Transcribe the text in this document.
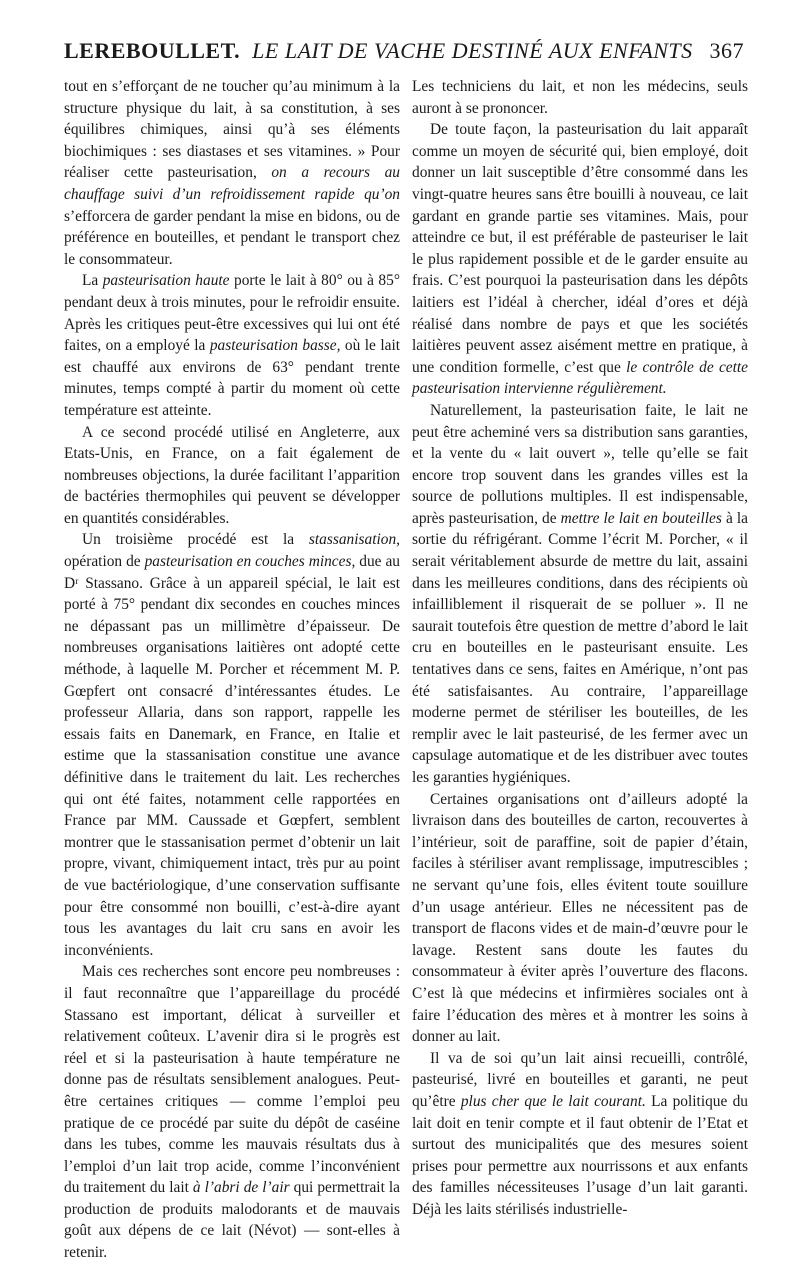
LEREBOULLET. LE LAIT DE VACHE DESTINÉ AUX ENFANTS 367

tout en s’efforçant de ne toucher qu’au minimum à la structure physique du lait, à sa constitution, à ses équilibres chimiques, ainsi qu’à ses éléments biochimiques : ses diastases et ses vitamines. » Pour réaliser cette pasteurisation, on a recours au chauffage suivi d’un refroidissement rapide qu’on s’efforcera de garder pendant la mise en bidons, ou de préférence en bouteilles, et pendant le transport chez le consommateur.

La pasteurisation haute porte le lait à 80° ou à 85° pendant deux à trois minutes, pour le refroidir ensuite. Après les critiques peut-être excessives qui lui ont été faites, on a employé la pasteurisation basse, où le lait est chauffé aux environs de 63° pendant trente minutes, temps compté à partir du moment où cette température est atteinte.

A ce second procédé utilisé en Angleterre, aux Etats-Unis, en France, on a fait également de nombreuses objections, la durée facilitant l’apparition de bactéries thermophiles qui peuvent se développer en quantités considérables.

Un troisième procédé est la stassanisation, opération de pasteurisation en couches minces, due au Dʳ Stassano. Grâce à un appareil spécial, le lait est porté à 75° pendant dix secondes en couches minces ne dépassant pas un millimètre d’épaisseur. De nombreuses organisations laitières ont adopté cette méthode, à laquelle M. Porcher et récemment M. P. Gœpfert ont consacré d’intéressantes études. Le professeur Allaria, dans son rapport, rappelle les essais faits en Danemark, en France, en Italie et estime que la stassanisation constitue une avance définitive dans le traitement du lait. Les recherches qui ont été faites, notamment celle rapportées en France par MM. Caussade et Gœpfert, semblent montrer que le stassanisation permet d’obtenir un lait propre, vivant, chimiquement intact, très pur au point de vue bactériologique, d’une conservation suffisante pour être consommé non bouilli, c’est-à-dire ayant tous les avantages du lait cru sans en avoir les inconvénients.

Mais ces recherches sont encore peu nombreuses : il faut reconnaître que l’appareillage du procédé Stassano est important, délicat à surveiller et relativement coûteux. L’avenir dira si le progrès est réel et si la pasteurisation à haute température ne donne pas de résultats sensiblement analogues. Peut-être certaines critiques — comme l’emploi peu pratique de ce procédé par suite du dépôt de caséine dans les tubes, comme les mauvais résultats dus à l’emploi d’un lait trop acide, comme l’inconvénient du traitement du lait à l’abri de l’air qui permettrait la production de produits malodorants et de mauvais goût aux dépens de ce lait (Névot) — sont-elles à retenir.

Les techniciens du lait, et non les médecins, seuls auront à se prononcer.

De toute façon, la pasteurisation du lait apparaît comme un moyen de sécurité qui, bien employé, doit donner un lait susceptible d’être consommé dans les vingt-quatre heures sans être bouilli à nouveau, ce lait gardant en grande partie ses vitamines. Mais, pour atteindre ce but, il est préférable de pasteuriser le lait le plus rapidement possible et de le garder ensuite au frais. C’est pourquoi la pasteurisation dans les dépôts laitiers est l’idéal à chercher, idéal d’ores et déjà réalisé dans nombre de pays et que les sociétés laitières peuvent assez aisément mettre en pratique, à une condition formelle, c’est que le contrôle de cette pasteurisation intervienne régulièrement.

Naturellement, la pasteurisation faite, le lait ne peut être acheminé vers sa distribution sans garanties, et la vente du « lait ouvert », telle qu’elle se fait encore trop souvent dans les grandes villes est la source de pollutions multiples. Il est indispensable, après pasteurisation, de mettre le lait en bouteilles à la sortie du réfrigérant. Comme l’écrit M. Porcher, « il serait véritablement absurde de mettre du lait, assaini dans les meilleures conditions, dans des récipients où infailliblement il risquerait de se polluer ». Il ne saurait toutefois être question de mettre d’abord le lait cru en bouteilles en le pasteurisant ensuite. Les tentatives dans ce sens, faites en Amérique, n’ont pas été satisfaisantes. Au contraire, l’appareillage moderne permet de stériliser les bouteilles, de les remplir avec le lait pasteurisé, de les fermer avec un capsulage automatique et de les distribuer avec toutes les garanties hygiéniques.

Certaines organisations ont d’ailleurs adopté la livraison dans des bouteilles de carton, recouvertes à l’intérieur, soit de paraffine, soit de papier d’étain, faciles à stériliser avant remplissage, imputrescibles ; ne servant qu’une fois, elles évitent toute souillure d’un usage antérieur. Elles ne nécessitent pas de transport de flacons vides et de main-d’œuvre pour le lavage. Restent sans doute les fautes du consommateur à éviter après l’ouverture des flacons. C’est là que médecins et infirmières sociales ont à faire l’éducation des mères et à montrer les soins à donner au lait.

Il va de soi qu’un lait ainsi recueilli, contrôlé, pasteurisé, livré en bouteilles et garanti, ne peut qu’être plus cher que le lait courant. La politique du lait doit en tenir compte et il faut obtenir de l’Etat et surtout des municipalités que des mesures soient prises pour permettre aux nourrissons et aux enfants des familles nécessiteuses l’usage d’un lait garanti. Déjà les laits stérilisés industrielle-
